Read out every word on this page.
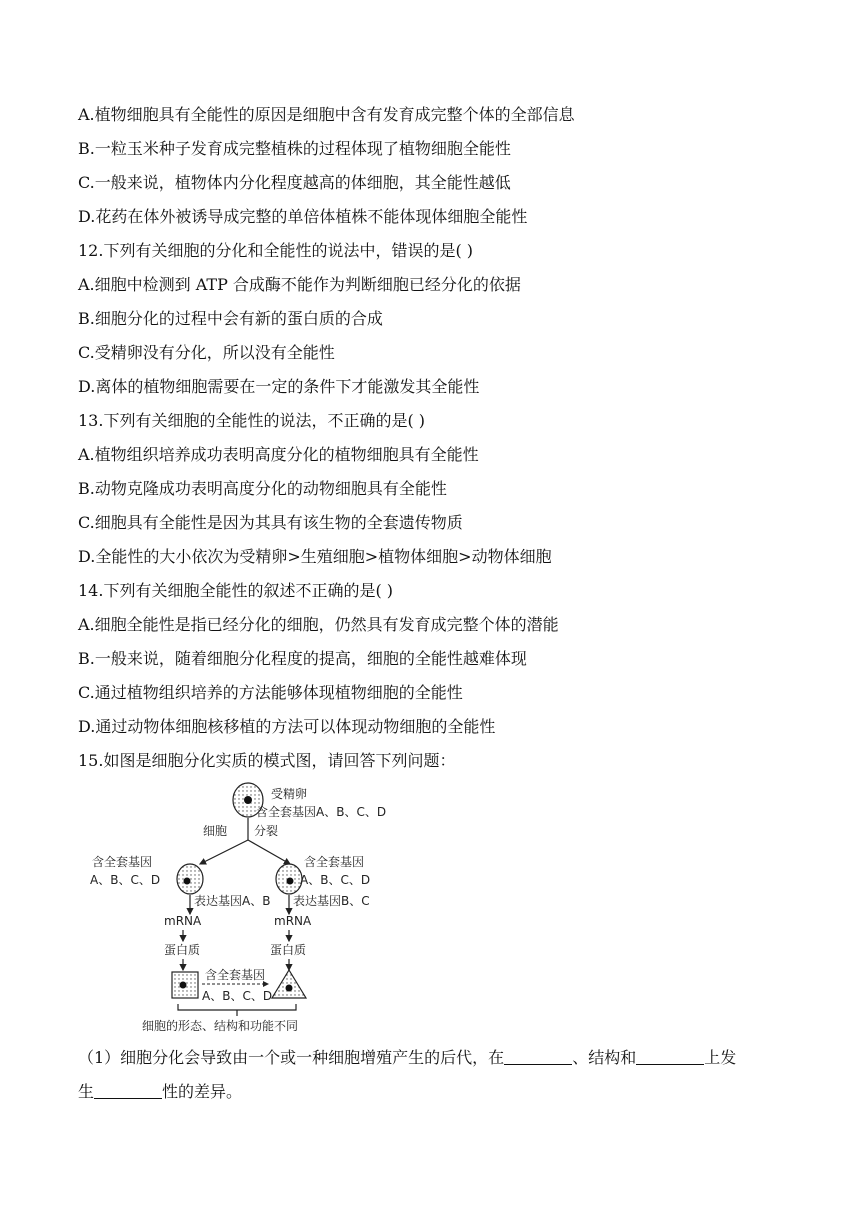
A.植物细胞具有全能性的原因是细胞中含有发育成完整个体的全部信息
B.一粒玉米种子发育成完整植株的过程体现了植物细胞全能性
C.一般来说，植物体内分化程度越高的体细胞，其全能性越低
D.花药在体外被诱导成完整的单倍体植株不能体现体细胞全能性
12.下列有关细胞的分化和全能性的说法中，错误的是( )
A.细胞中检测到 ATP 合成酶不能作为判断细胞已经分化的依据
B.细胞分化的过程中会有新的蛋白质的合成
C.受精卵没有分化，所以没有全能性
D.离体的植物细胞需要在一定的条件下才能激发其全能性
13.下列有关细胞的全能性的说法，不正确的是( )
A.植物组织培养成功表明高度分化的植物细胞具有全能性
B.动物克隆成功表明高度分化的动物细胞具有全能性
C.细胞具有全能性是因为其具有该生物的全套遗传物质
D.全能性的大小依次为受精卵>生殖细胞>植物体细胞>动物体细胞
14.下列有关细胞全能性的叙述不正确的是( )
A.细胞全能性是指已经分化的细胞，仍然具有发育成完整个体的潜能
B.一般来说，随着细胞分化程度的提高，细胞的全能性越难体现
C.通过植物组织培养的方法能够体现植物细胞的全能性
D.通过动物体细胞核移植的方法可以体现动物细胞的全能性
15.如图是细胞分化实质的模式图，请回答下列问题：
受精卵
含全套基因A、B、C、D
细胞 分裂
含全套基因
A、B、C、D
含全套基因
A、B、C、D
表达基因A、B 表达基因B、C
mRNA	mRNA
蛋白质	蛋白质
含全套基因
A、B、C、D
细胞的形态、结构和功能不同
（1）细胞分化会导致由一个或一种细胞增殖产生的后代，在	、结构和	上发
生	性的差异。
